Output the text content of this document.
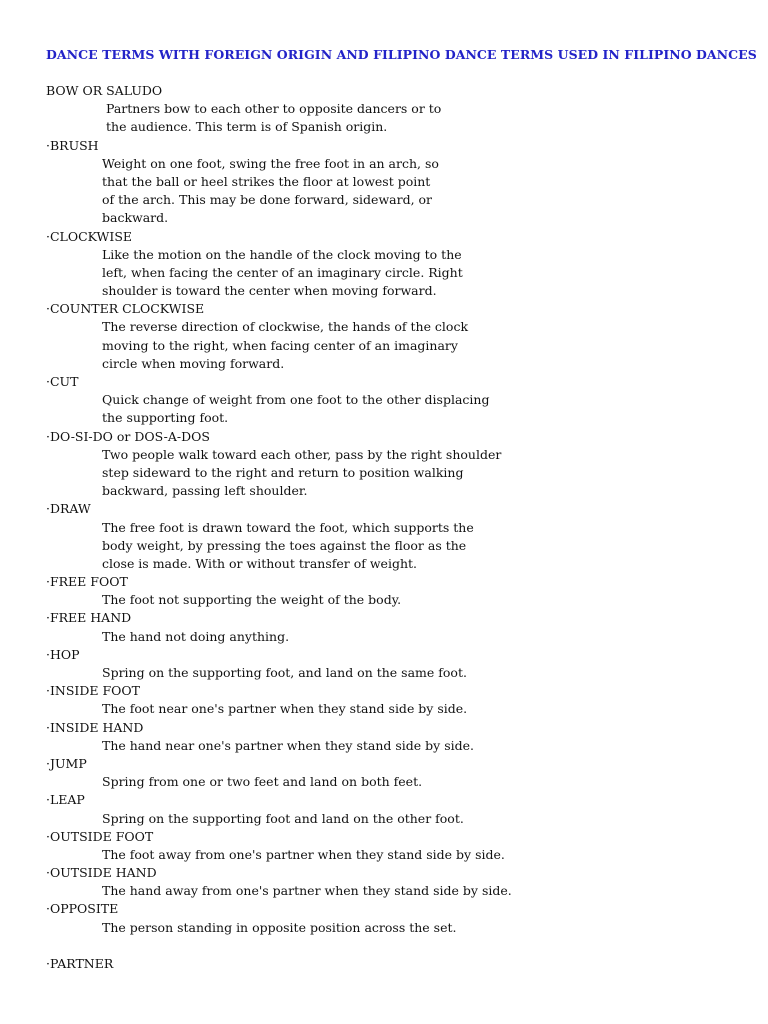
DANCE TERMS WITH FOREIGN ORIGIN AND FILIPINO DANCE TERMS USED IN FILIPINO DANCES
BOW OR SALUDO
Partners bow to each other to opposite dancers or to
the audience. This term is of Spanish origin.
·BRUSH
Weight on one foot, swing the free foot in an arch, so
that the ball or heel strikes the floor at lowest point
of the arch. This may be done forward, sideward, or
backward.
·CLOCKWISE
Like the motion on the handle of the clock moving to the
left, when facing the center of an imaginary circle. Right
shoulder is toward the center when moving forward.
·COUNTER CLOCKWISE
The reverse direction of clockwise, the hands of the clock
moving to the right, when facing center of an imaginary
circle when moving forward.
·CUT
Quick change of weight from one foot to the other displacing
the supporting foot.
·DO-SI-DO or DOS-A-DOS
Two people walk toward each other, pass by the right shoulder
step sideward to the right and return to position walking
backward, passing left shoulder.
·DRAW
The free foot is drawn toward the foot, which supports the
body weight, by pressing the toes against the floor as the
close is made. With or without transfer of weight.
·FREE FOOT
The foot not supporting the weight of the body.
·FREE HAND
The hand not doing anything.
·HOP
Spring on the supporting foot, and land on the same foot.
·INSIDE FOOT
The foot near one's partner when they stand side by side.
·INSIDE HAND
The hand near one's partner when they stand side by side.
·JUMP
Spring from one or two feet and land on both feet.
·LEAP
Spring on the supporting foot and land on the other foot.
·OUTSIDE FOOT
The foot away from one's partner when they stand side by side.
·OUTSIDE HAND
The hand away from one's partner when they stand side by side.
·OPPOSITE
The person standing in opposite position across the set.
·PARTNER
